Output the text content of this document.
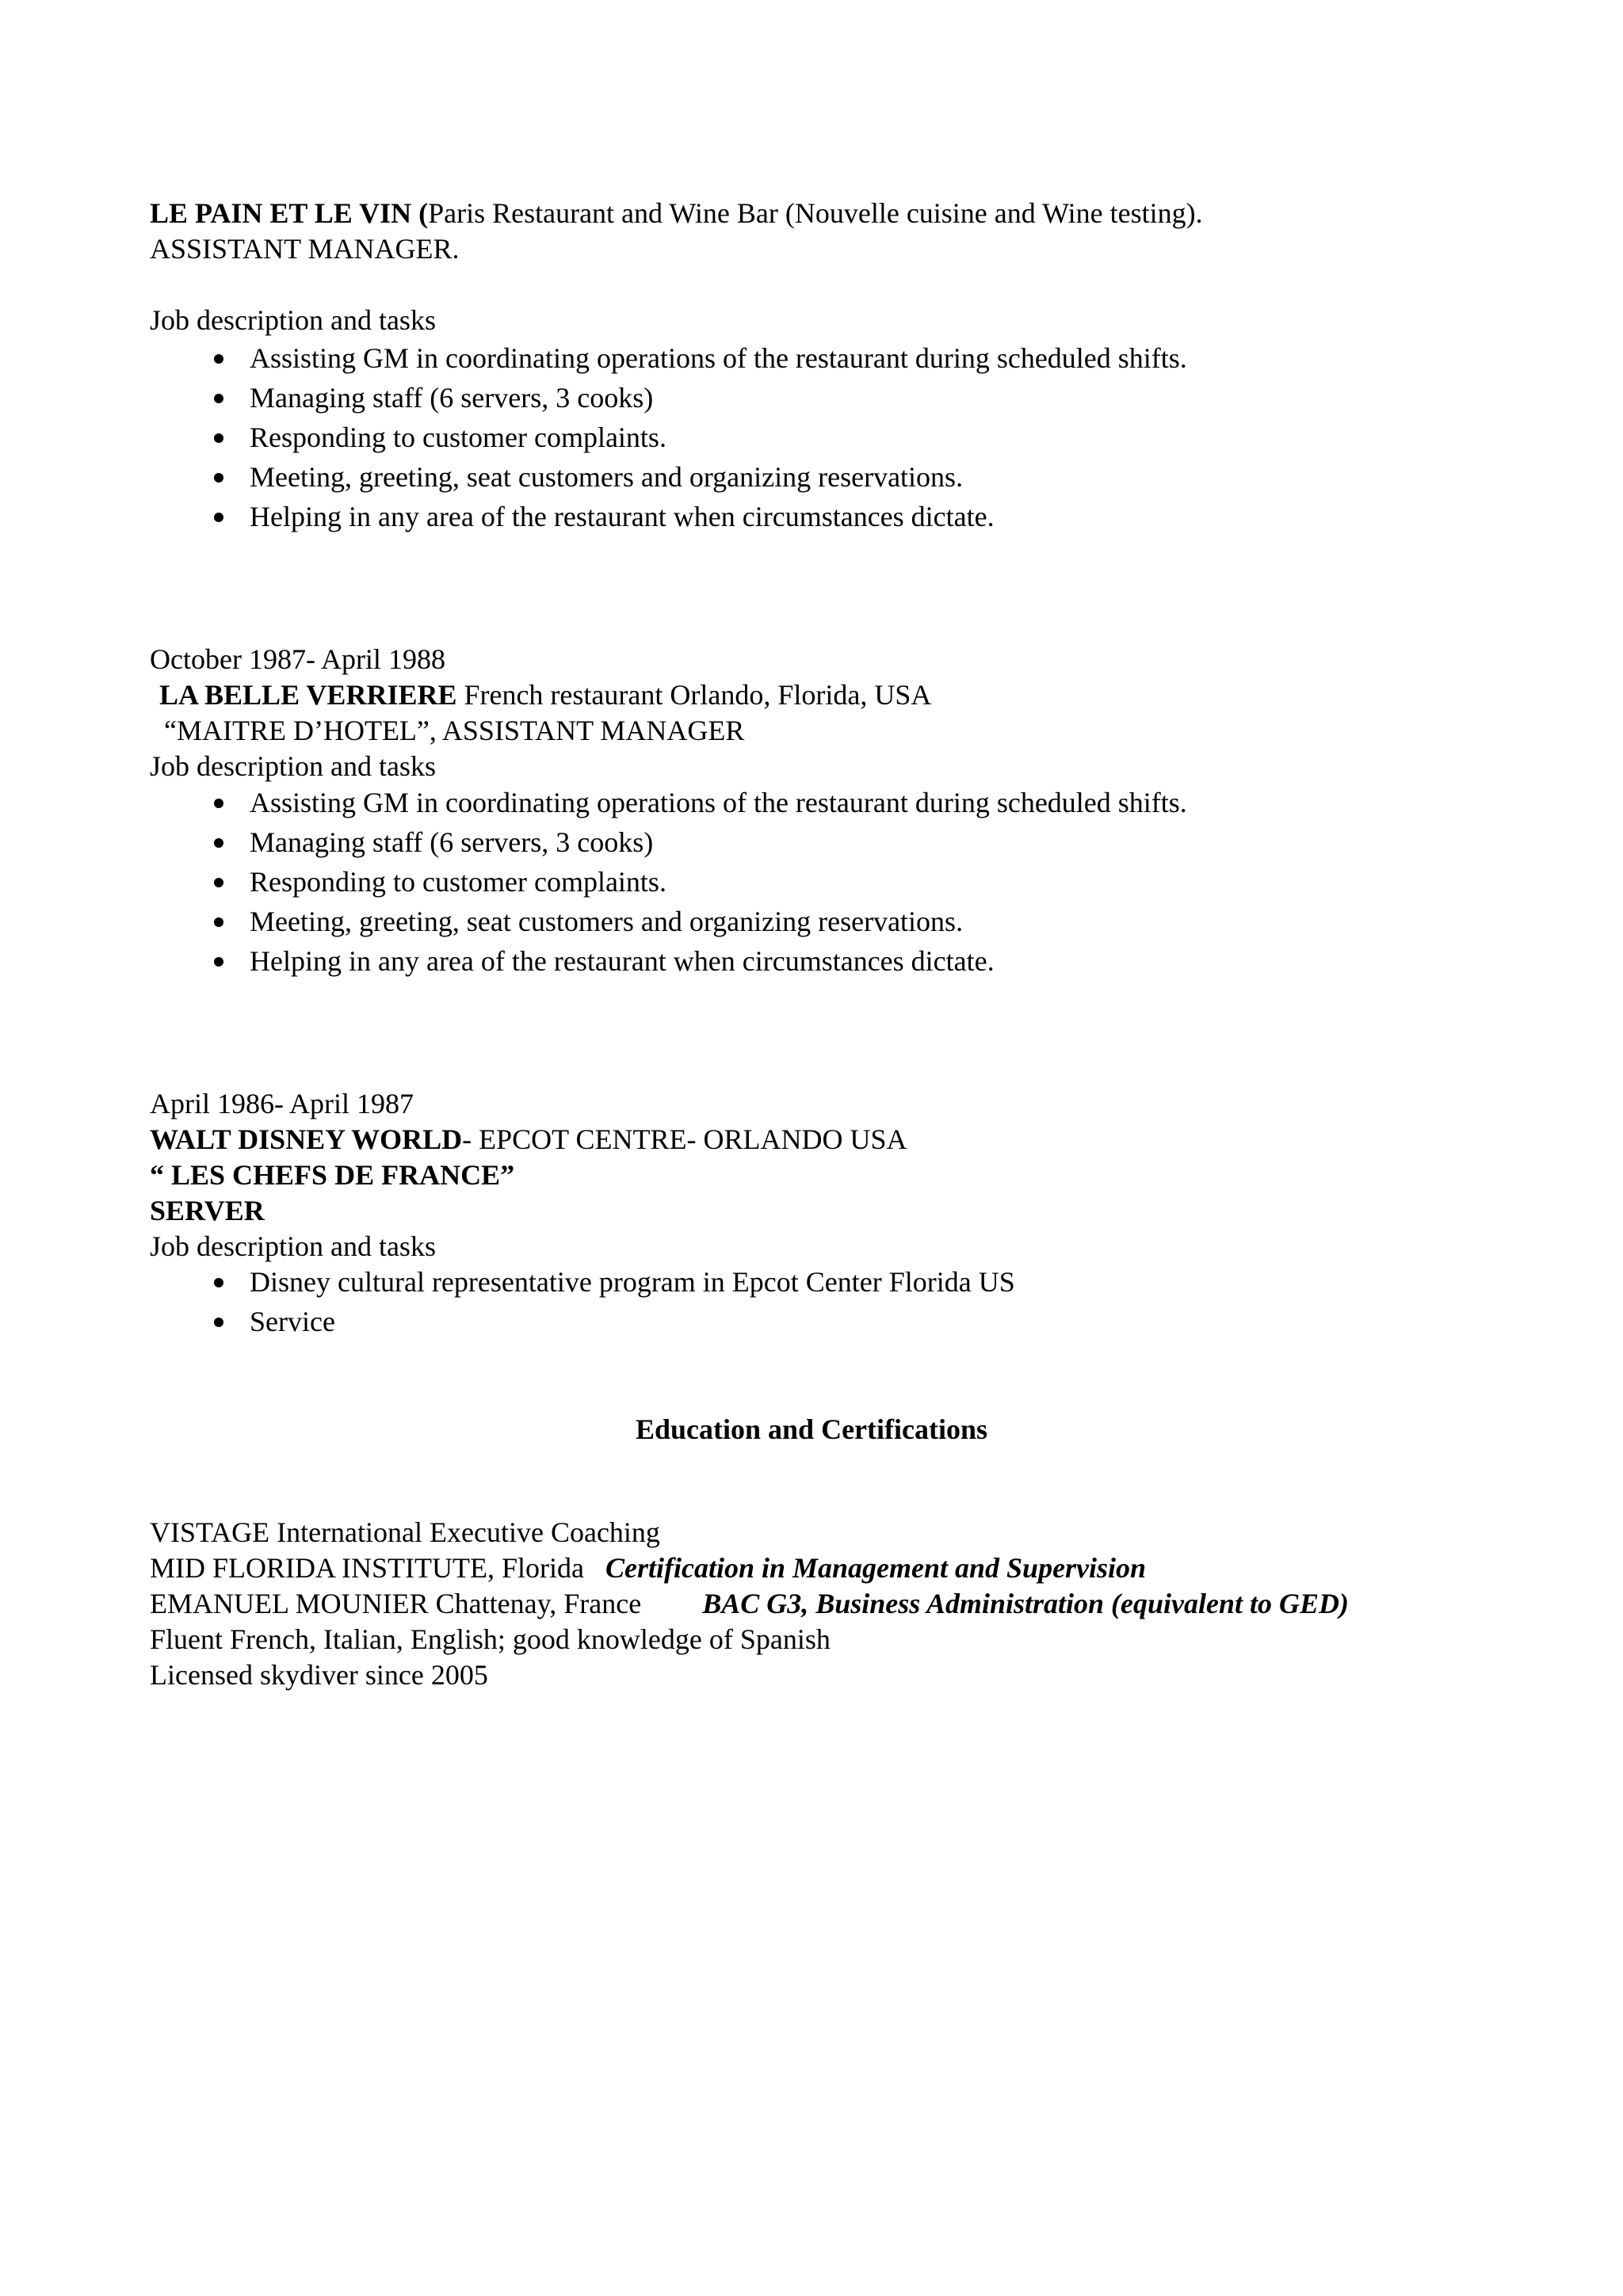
LE PAIN ET LE VIN (Paris Restaurant and Wine Bar (Nouvelle cuisine and Wine testing).
ASSISTANT MANAGER.
Job description and tasks
Assisting GM in coordinating operations of the restaurant during scheduled shifts.
Managing staff (6 servers, 3 cooks)
Responding to customer complaints.
Meeting, greeting, seat customers and organizing reservations.
Helping in any area of the restaurant when circumstances dictate.
October 1987- April 1988
LA BELLE VERRIERE French restaurant Orlando, Florida, USA
“MAITRE D’HOTEL”, ASSISTANT MANAGER
Job description and tasks
Assisting GM in coordinating operations of the restaurant during scheduled shifts.
Managing staff (6 servers, 3 cooks)
Responding to customer complaints.
Meeting, greeting, seat customers and organizing reservations.
Helping in any area of the restaurant when circumstances dictate.
April 1986- April 1987
WALT DISNEY WORLD- EPCOT CENTRE- ORLANDO USA
“ LES CHEFS DE FRANCE”
SERVER
Job description and tasks
Disney cultural representative program in Epcot Center Florida US
Service
Education and Certifications
VISTAGE International Executive Coaching
MID FLORIDA INSTITUTE, Florida Certification in Management and Supervision
EMANUEL MOUNIER Chattenay, France BAC G3, Business Administration (equivalent to GED)
Fluent French, Italian, English; good knowledge of Spanish
Licensed skydiver since 2005
